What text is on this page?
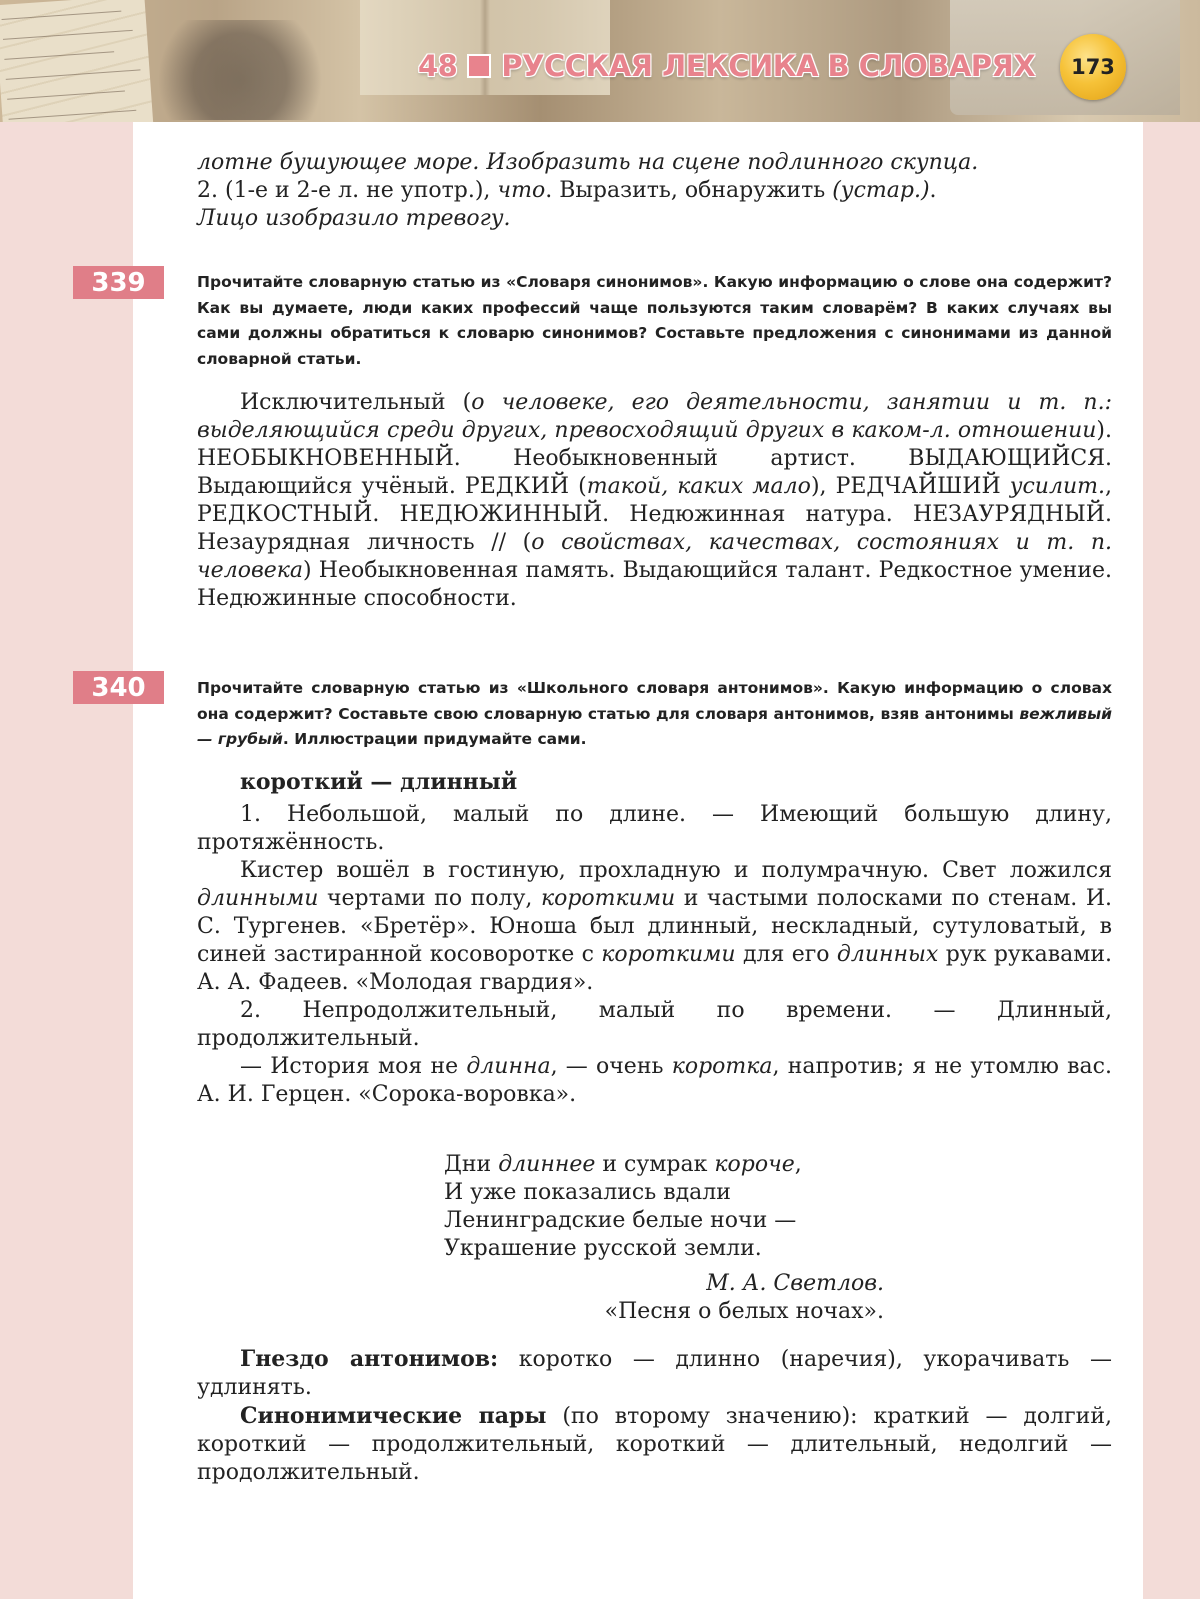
48 РУССКАЯ ЛЕКСИКА В СЛОВАРЯХ	173

лотне бушующее море. Изобразить на сцене подлинного скупца.

2. (1-е и 2-е л. не употр.), что. Выразить, обнаружить (устар.).

Лицо изобразило тревогу.

339	Прочитайте словарную статью из «Словаря синонимов». Какую информацию о слове она содержит? Как вы думаете, люди каких профессий чаще пользуются таким словарём? В каких случаях вы сами должны обратиться к словарю синонимов? Составьте предложения с синонимами из данной словарной статьи.

Исключительный (о человеке, его деятельности, занятии и т. п.: выделяющийся среди других, превосходящий других в каком-л. отношении). НЕОБЫКНОВЕННЫЙ. Необыкновенный артист. ВЫДАЮЩИЙСЯ. Выдающийся учёный. РЕДКИЙ (такой, каких мало), РЕДЧАЙШИЙ усилит., РЕДКОСТНЫЙ. НЕДЮЖИННЫЙ. Недюжинная натура. НЕЗАУРЯДНЫЙ. Незаурядная личность // (о свойствах, качествах, состояниях и т. п. человека) Необыкновенная память. Выдающийся талант. Редкостное умение. Недюжинные способности.

340	Прочитайте словарную статью из «Школьного словаря антонимов». Какую информацию о словах она содержит? Составьте свою словарную статью для словаря антонимов, взяв антонимы вежливый — грубый. Иллюстрации придумайте сами.

короткий — длинный

1. Небольшой, малый по длине. — Имеющий большую длину, протяжённость.

Кистер вошёл в гостиную, прохладную и полумрачную. Свет ложился длинными чертами по полу, короткими и частыми полосками по стенам. И. С. Тургенев. «Бретёр». Юноша был длинный, нескладный, сутуловатый, в синей застиранной косоворотке с короткими для его длинных рук рукавами. А. А. Фадеев. «Молодая гвардия».

2. Непродолжительный, малый по времени. — Длинный, продолжительный.

— История моя не длинна, — очень коротка, напротив; я не утомлю вас. А. И. Герцен. «Сорока-воровка».

Дни длиннее и сумрак короче,
И уже показались вдали
Ленинградские белые ночи —
Украшение русской земли.
М. А. Светлов.
«Песня о белых ночах».

Гнездо антонимов: коротко — длинно (наречия), укорачивать — удлинять.

Синонимические пары (по второму значению): краткий — долгий, короткий — продолжительный, короткий — длительный, недолгий — продолжительный.
